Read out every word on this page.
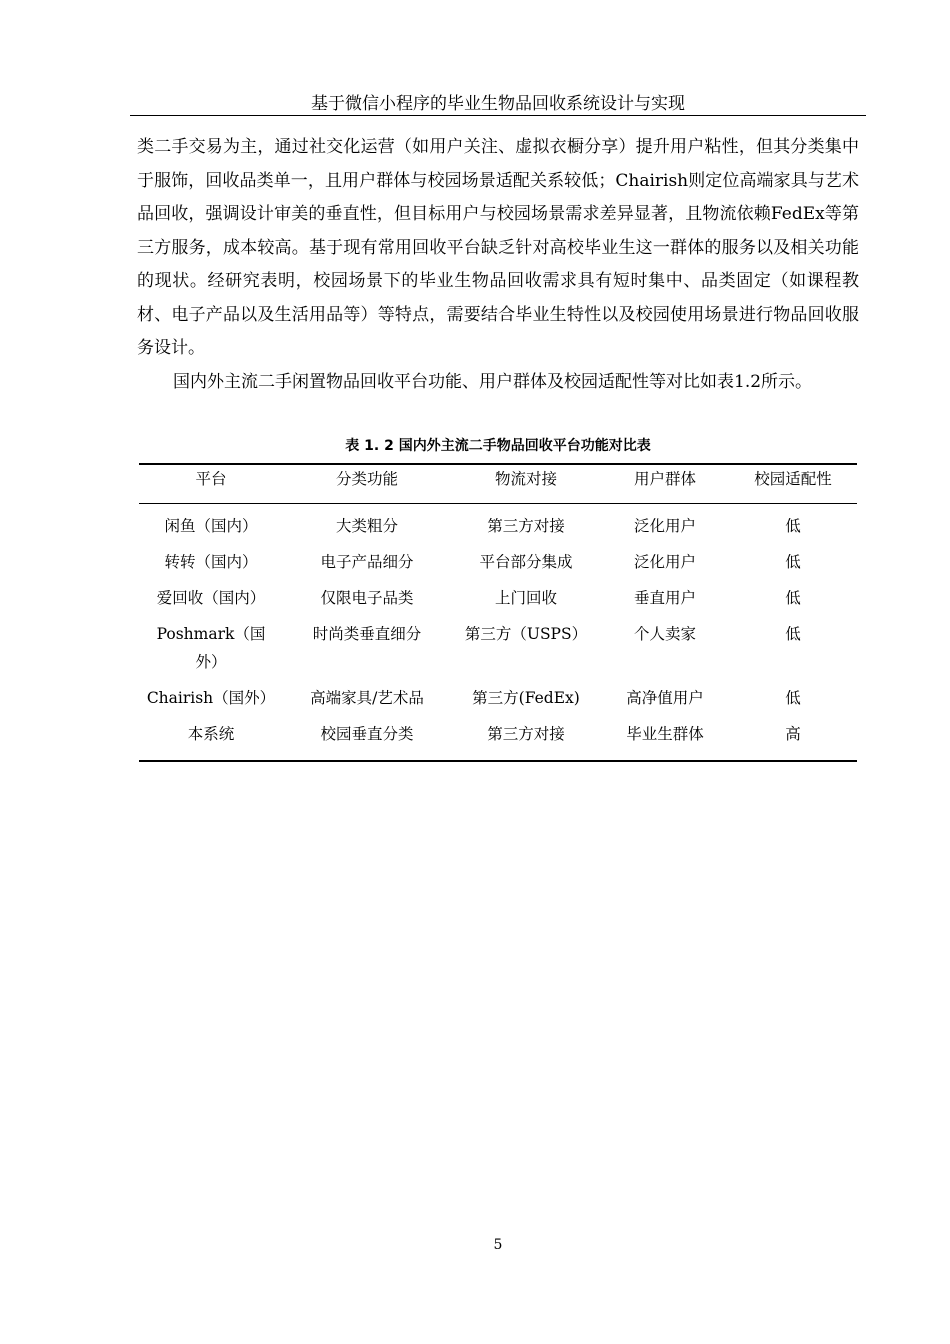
基于微信小程序的毕业生物品回收系统设计与实现

类二手交易为主，通过社交化运营（如用户关注、虚拟衣橱分享）提升用户粘性，但其分类集中于服饰，回收品类单一，且用户群体与校园场景适配关系较低；Chairish则定位高端家具与艺术品回收，强调设计审美的垂直性，但目标用户与校园场景需求差异显著，且物流依赖FedEx等第三方服务，成本较高。基于现有常用回收平台缺乏针对高校毕业生这一群体的服务以及相关功能的现状。经研究表明，校园场景下的毕业生物品回收需求具有短时集中、品类固定（如课程教材、电子产品以及生活用品等）等特点，需要结合毕业生特性以及校园使用场景进行物品回收服务设计。

国内外主流二手闲置物品回收平台功能、用户群体及校园适配性等对比如表1.2所示。

表 1. 2 国内外主流二手物品回收平台功能对比表
平台	分类功能	物流对接	用户群体	校园适配性
闲鱼（国内）	大类粗分	第三方对接	泛化用户	低
转转（国内）	电子产品细分	平台部分集成	泛化用户	低
爱回收（国内）	仅限电子品类	上门回收	垂直用户	低
Poshmark（国外）	时尚类垂直细分	第三方（USPS）	个人卖家	低
Chairish（国外）	高端家具/艺术品	第三方(FedEx)	高净值用户	低
本系统	校园垂直分类	第三方对接	毕业生群体	高
5
